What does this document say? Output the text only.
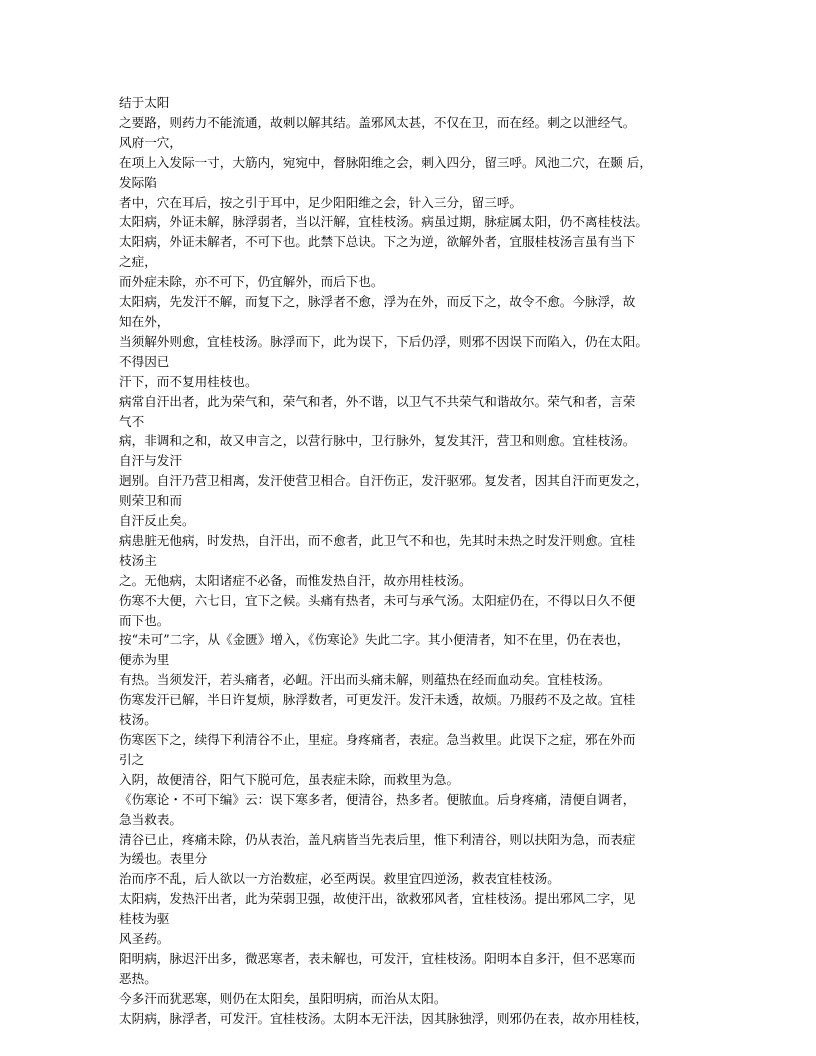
结于太阳
之要路，则药力不能流通，故刺以解其结。盖邪风太甚，不仅在卫，而在经。刺之以泄经气。
风府一穴，
在项上入发际一寸，大筋内，宛宛中，督脉阳维之会，刺入四分，留三呼。风池二穴，在颞 后，
发际陷
者中，穴在耳后，按之引于耳中，足少阳阳维之会，针入三分，留三呼。
太阳病，外证未解，脉浮弱者，当以汗解，宜桂枝汤。病虽过期，脉症属太阳，仍不离桂枝法。
太阳病，外证未解者，不可下也。此禁下总诀。下之为逆，欲解外者，宜服桂枝汤言虽有当下
之症，
而外症未除，亦不可下，仍宜解外，而后下也。
太阳病，先发汗不解，而复下之，脉浮者不愈，浮为在外，而反下之，故令不愈。今脉浮，故
知在外，
当须解外则愈，宜桂枝汤。脉浮而下，此为误下，下后仍浮，则邪不因误下而陷入，仍在太阳。
不得因已
汗下，而不复用桂枝也。
病常自汗出者，此为荣气和，荣气和者，外不谐，以卫气不共荣气和谐故尔。荣气和者，言荣
气不
病，非调和之和，故又申言之，以营行脉中，卫行脉外，复发其汗，营卫和则愈。宜桂枝汤。
自汗与发汗
迥别。自汗乃营卫相离，发汗使营卫相合。自汗伤正，发汗驱邪。复发者，因其自汗而更发之，
则荣卫和而
自汗反止矣。
病患脏无他病，时发热，自汗出，而不愈者，此卫气不和也，先其时未热之时发汗则愈。宜桂
枝汤主
之。无他病，太阳诸症不必备，而惟发热自汗，故亦用桂枝汤。
伤寒不大便，六七日，宜下之候。头痛有热者，未可与承气汤。太阳症仍在，不得以日久不便
而下也。
按“未可”二字，从《金匮》增入，《伤寒论》失此二字。其小便清者，知不在里，仍在表也，
便赤为里
有热。当须发汗，若头痛者，必衄。汗出而头痛未解，则蕴热在经而血动矣。宜桂枝汤。
伤寒发汗已解，半日许复烦，脉浮数者，可更发汗。发汗未透，故烦。乃服药不及之故。宜桂
枝汤。
伤寒医下之，续得下利清谷不止，里症。身疼痛者，表症。急当救里。此误下之症，邪在外而
引之
入阴，故便清谷，阳气下脱可危，虽表症未除，而救里为急。
《伤寒论・不可下编》云：误下寒多者，便清谷，热多者。便脓血。后身疼痛，清便自调者，
急当救表。
清谷已止，疼痛未除，仍从表治，盖凡病皆当先表后里，惟下利清谷，则以扶阳为急，而表症
为缓也。表里分
治而序不乱，后人欲以一方治数症，必至两误。救里宜四逆汤，救表宜桂枝汤。
太阳病，发热汗出者，此为荣弱卫强，故使汗出，欲救邪风者，宜桂枝汤。提出邪风二字，见
桂枝为驱
风圣药。
阳明病，脉迟汗出多，微恶寒者，表未解也，可发汗，宜桂枝汤。阳明本自多汗，但不恶寒而
恶热。
今多汗而犹恶寒，则仍在太阳矣，虽阳明病，而治从太阳。
太阴病，脉浮者，可发汗。宜桂枝汤。太阴本无汗法，因其脉独浮，则邪仍在表，故亦用桂枝，
